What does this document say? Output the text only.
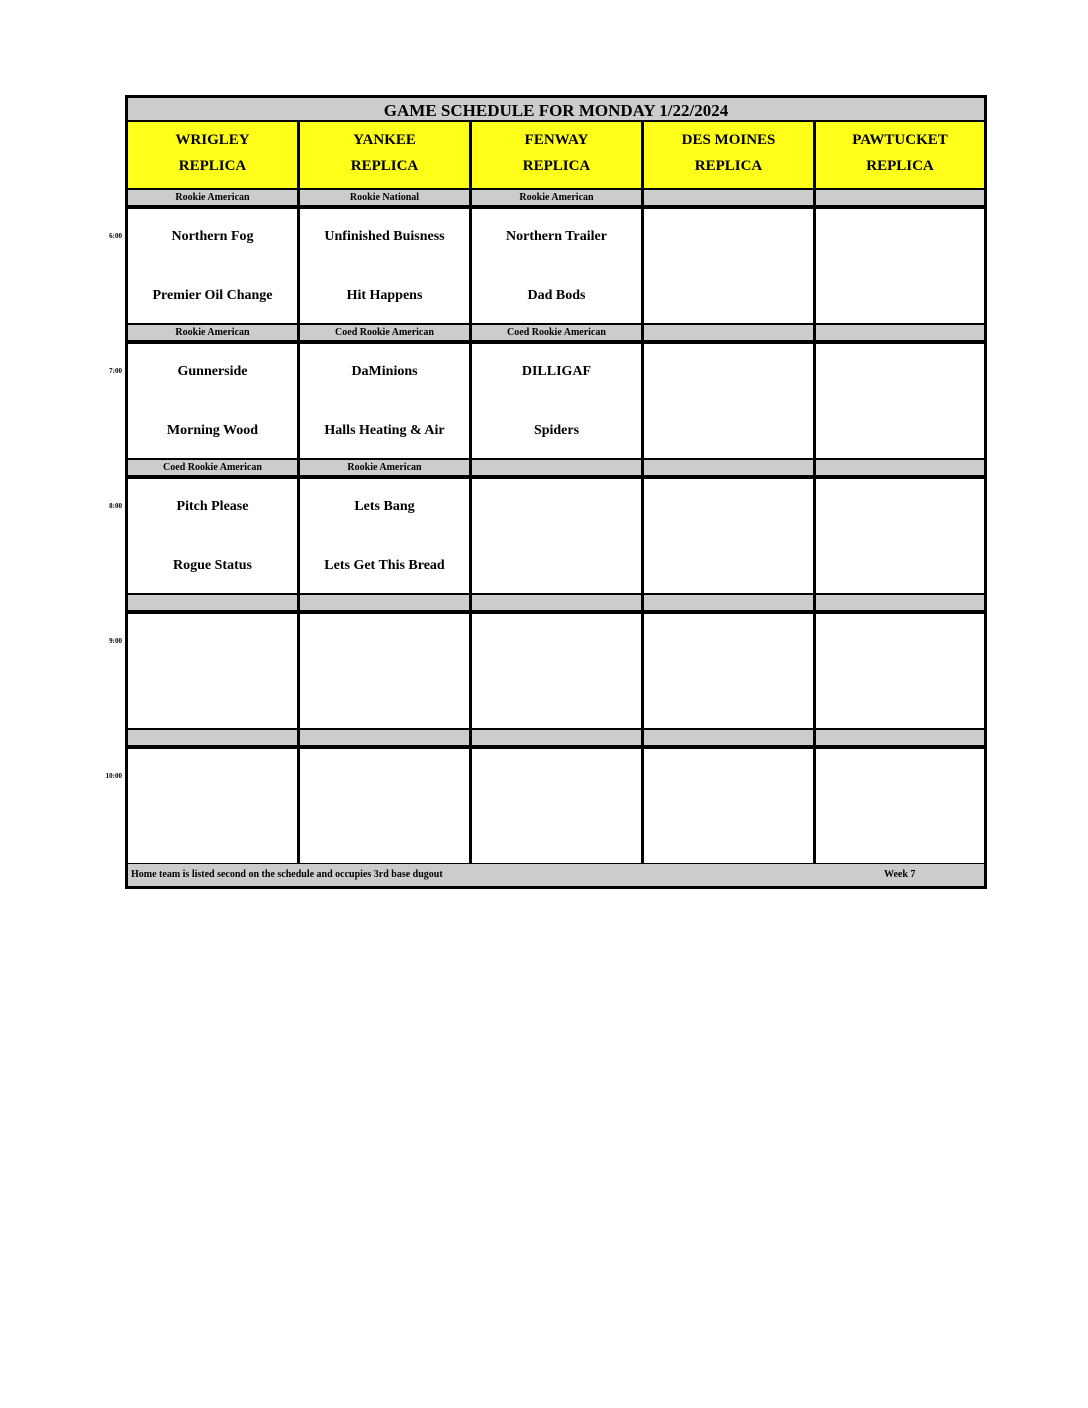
GAME SCHEDULE FOR MONDAY 1/22/2024
WRIGLEY
REPLICA
YANKEE
REPLICA
FENWAY
REPLICA
DES MOINES
REPLICA
PAWTUCKET
REPLICA
Rookie American
Northern Fog
Premier Oil Change
Rookie National
Unfinished Buisness
Hit Happens
Rookie American
Northern Trailer
Dad Bods
Rookie American
Gunnerside
Morning Wood
Coed Rookie American
DaMinions
Halls Heating & Air
Coed Rookie American
DILLIGAF
Spiders
Coed Rookie American
Pitch Please
Rogue Status
Rookie American
Lets Bang
Lets Get This Bread
Home team is listed second on the schedule and occupies 3rd base dugout	Week 7
6:00
7:00
8:00
9:00
10:00
